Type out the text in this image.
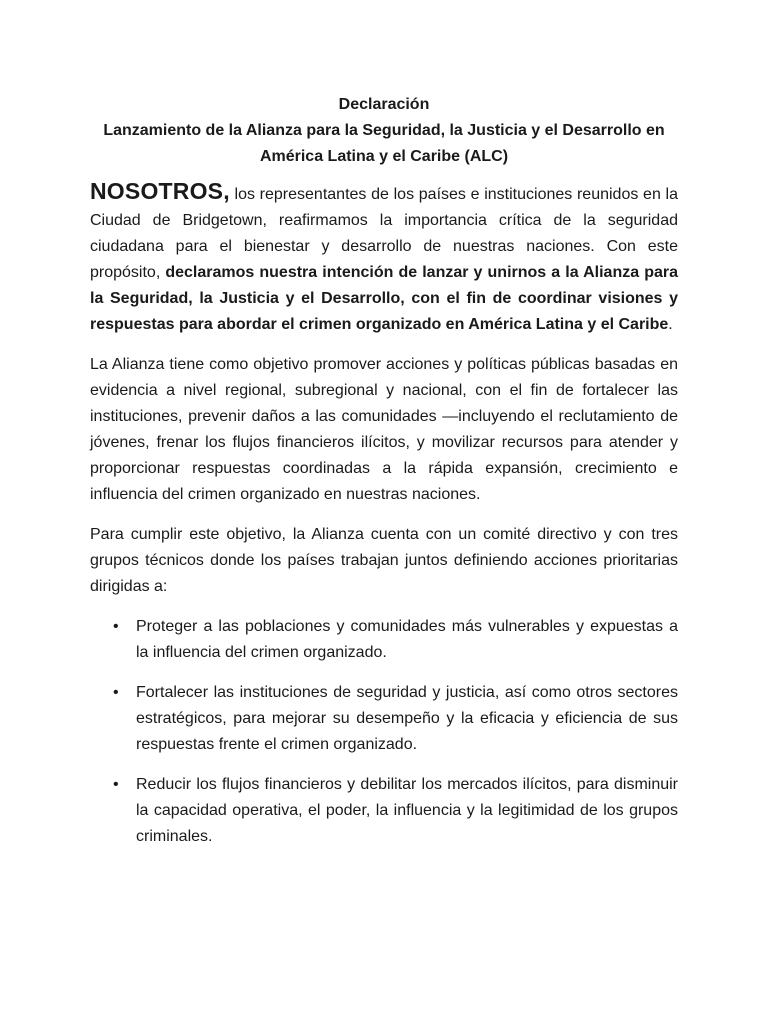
Declaración
Lanzamiento de la Alianza para la Seguridad, la Justicia y el Desarrollo en
América Latina y el Caribe (ALC)

NOSOTROS, los representantes de los países e instituciones reunidos en la Ciudad de Bridgetown, reafirmamos la importancia crítica de la seguridad ciudadana para el bienestar y desarrollo de nuestras naciones. Con este propósito, declaramos nuestra intención de lanzar y unirnos a la Alianza para la Seguridad, la Justicia y el Desarrollo, con el fin de coordinar visiones y respuestas para abordar el crimen organizado en América Latina y el Caribe.

La Alianza tiene como objetivo promover acciones y políticas públicas basadas en evidencia a nivel regional, subregional y nacional, con el fin de fortalecer las instituciones, prevenir daños a las comunidades —incluyendo el reclutamiento de jóvenes, frenar los flujos financieros ilícitos, y movilizar recursos para atender y proporcionar respuestas coordinadas a la rápida expansión, crecimiento e influencia del crimen organizado en nuestras naciones.

Para cumplir este objetivo, la Alianza cuenta con un comité directivo y con tres grupos técnicos donde los países trabajan juntos definiendo acciones prioritarias dirigidas a:

• Proteger a las poblaciones y comunidades más vulnerables y expuestas a la influencia del crimen organizado.
• Fortalecer las instituciones de seguridad y justicia, así como otros sectores estratégicos, para mejorar su desempeño y la eficacia y eficiencia de sus respuestas frente el crimen organizado.
• Reducir los flujos financieros y debilitar los mercados ilícitos, para disminuir la capacidad operativa, el poder, la influencia y la legitimidad de los grupos criminales.
